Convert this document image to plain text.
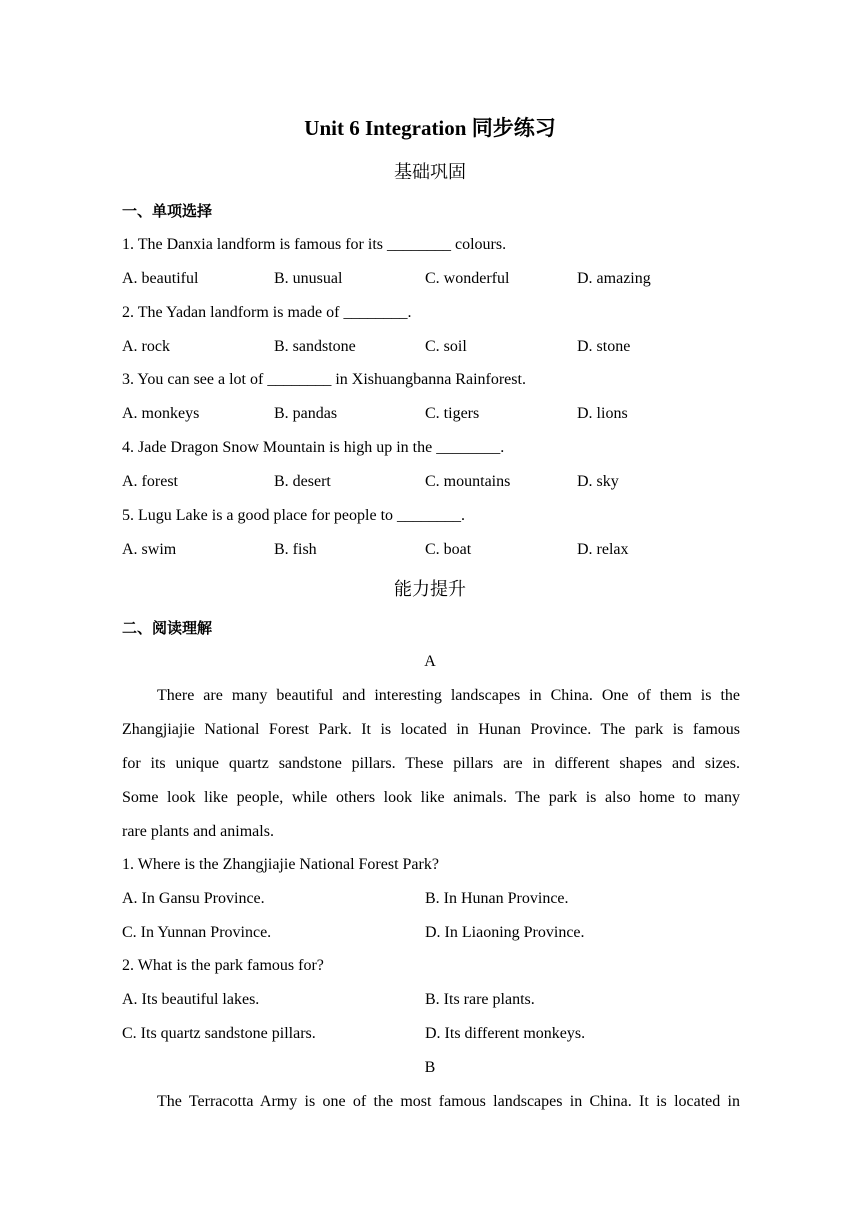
Unit 6 Integration 同步练习
基础巩固
一、单项选择
1. The Danxia landform is famous for its ________ colours.
A. beautiful	B. unusual	C. wonderful	D. amazing
2. The Yadan landform is made of ________.
A. rock	B. sandstone	C. soil	D. stone
3. You can see a lot of ________ in Xishuangbanna Rainforest.
A. monkeys	B. pandas	C. tigers	D. lions
4. Jade Dragon Snow Mountain is high up in the ________.
A. forest	B. desert	C. mountains	D. sky
5. Lugu Lake is a good place for people to ________.
A. swim	B. fish	C. boat	D. relax
能力提升
二、阅读理解
A
There are many beautiful and interesting landscapes in China. One of them is the
Zhangjiajie National Forest Park. It is located in Hunan Province. The park is famous
for its unique quartz sandstone pillars. These pillars are in different shapes and sizes.
Some look like people, while others look like animals. The park is also home to many
rare plants and animals.
1. Where is the Zhangjiajie National Forest Park?
A. In Gansu Province.	B. In Hunan Province.
C. In Yunnan Province.	D. In Liaoning Province.
2. What is the park famous for?
A. Its beautiful lakes.	B. Its rare plants.
C. Its quartz sandstone pillars.	D. Its different monkeys.
B
The Terracotta Army is one of the most famous landscapes in China. It is located in
